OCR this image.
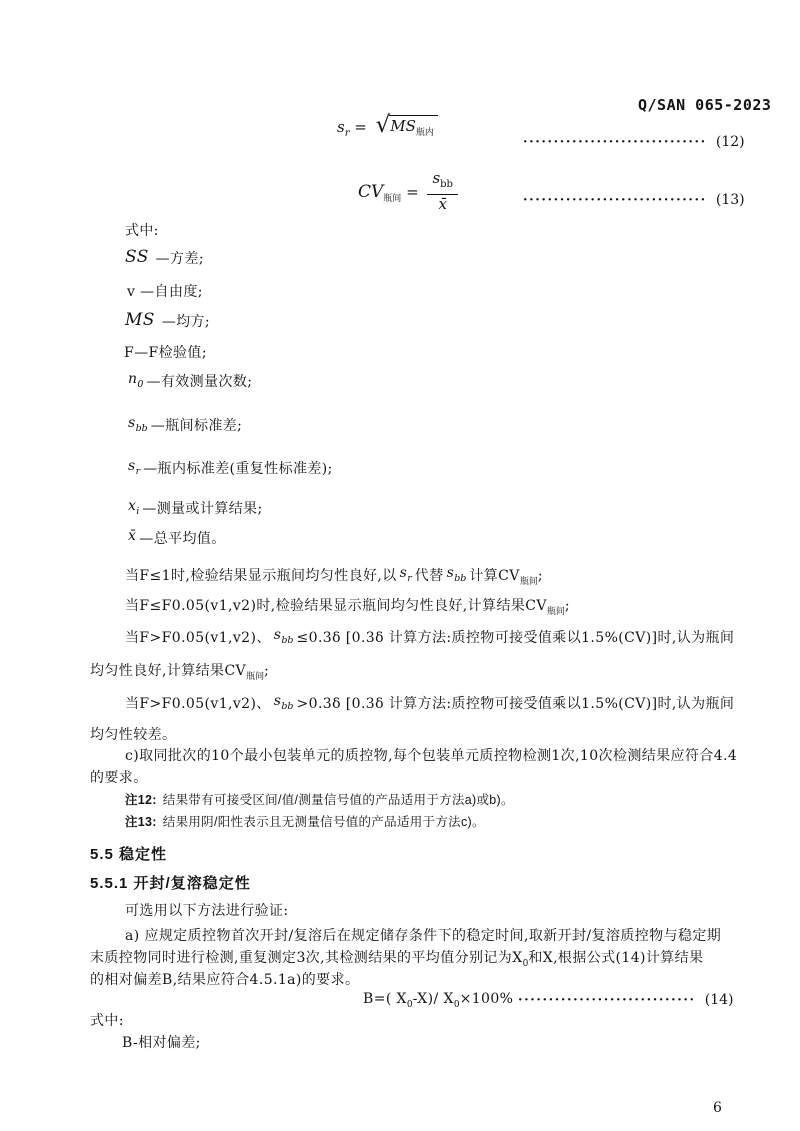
Q/SAN 065-2023
$s_r$ = √ $MS_{瓶内}$
······························ (12)
$CV_{瓶间} = \frac{s_{bb}}{x̄}$	······························ (13)
式中:
SS —方差;
v —自由度;
MS —均方;
F—F检验值;
$n_0$ —有效测量次数;
$s_{bb}$ —瓶间标准差;
$s_r$ —瓶内标准差(重复性标准差);
$x_i$ —测量或计算结果;
x̄ —总平均值。
当F≤1时,检验结果显示瓶间均匀性良好,以 $s_r$ 代替 $s_{bb}$ 计算$CV_{瓶间}$;
当F≤F0.05(v1,v2)时,检验结果显示瓶间均匀性良好,计算结果$CV_{瓶间}$;
当F>F0.05(v1,v2)、 $s_{bb} \le 0.3\delta$ [0.3δ 计算方法:质控物可接受值乘以1.5%(CV)]时,认为瓶间
均匀性良好,计算结果$CV_{瓶间}$;
当F>F0.05(v1,v2)、 $s_{bb} >0.3\delta$ [0.3δ 计算方法:质控物可接受值乘以1.5%(CV)]时,认为瓶间
均匀性较差。
c)取同批次的10个最小包装单元的质控物,每个包装单元质控物检测1次,10次检测结果应符合4.4
的要求。
注12: 结果带有可接受区间/值/测量信号值的产品适用于方法a)或b)。
注13: 结果用阴/阳性表示且无测量信号值的产品适用于方法c)。
5.5 稳定性
5.5.1 开封/复溶稳定性
可选用以下方法进行验证:
a) 应规定质控物首次开封/复溶后在规定储存条件下的稳定时间,取新开封/复溶质控物与稳定期
末质控物同时进行检测,重复测定3次,其检测结果的平均值分别记为$X_0$和X,根据公式(14)计算结果
的相对偏差B,结果应符合4.5.1a)的要求。
B=( $X_0-X)/$ $X_0\times 100\%$ ····························· (14)
式中:
B-相对偏差;
6
